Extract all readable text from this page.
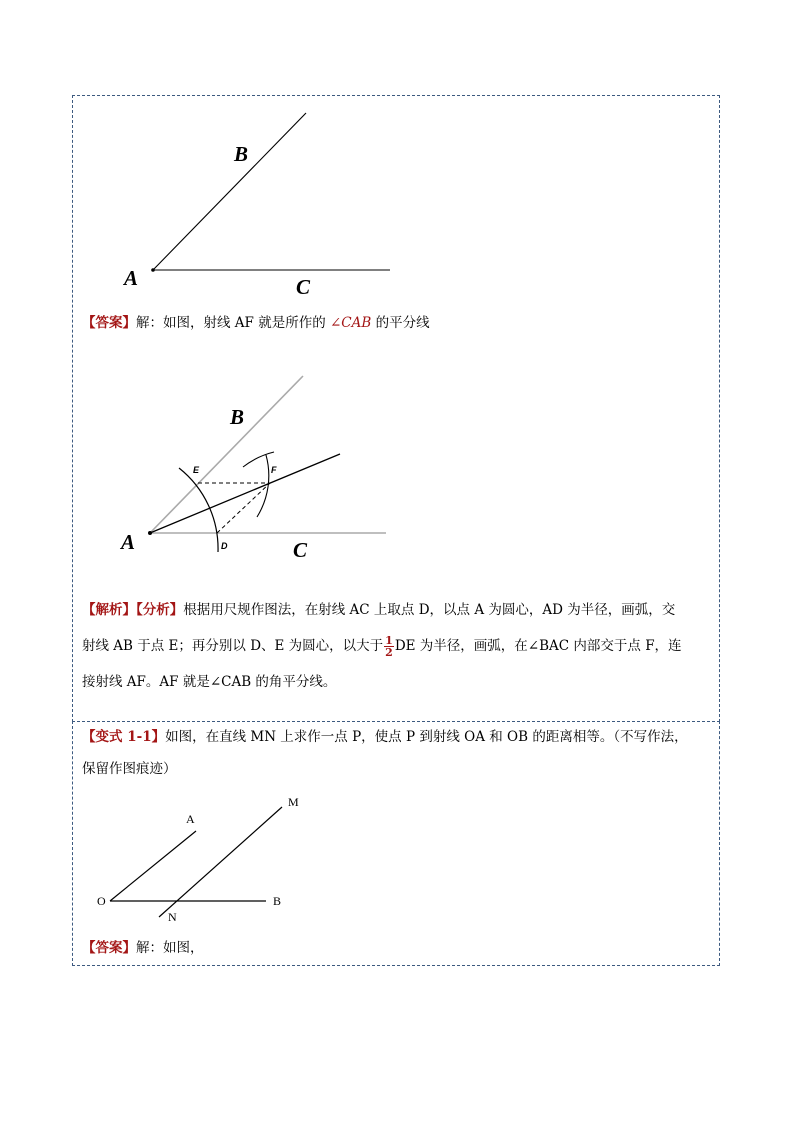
A
B
C
【答案】解：如图，射线 AF 就是所作的 ∠CAB 的平分线
A
B
C
E	F
D
【解析】【分析】根据用尺规作图法，在射线 AC 上取点 D，以点 A 为圆心，AD 为半径，画弧，交
射线 AB 于点 E；再分别以 D、E 为圆心，以大于 $\frac{1}{2}$ DE 为半径，画弧，在∠BAC 内部交于点 F，连
接射线 AF。AF 就是∠CAB 的角平分线。
【变式 1-1】如图，在直线 MN 上求作一点 P，使点 P 到射线 OA 和 OB 的距离相等。（不写作法，
保留作图痕迹）
A
M
O	B
N
【答案】解：如图，
